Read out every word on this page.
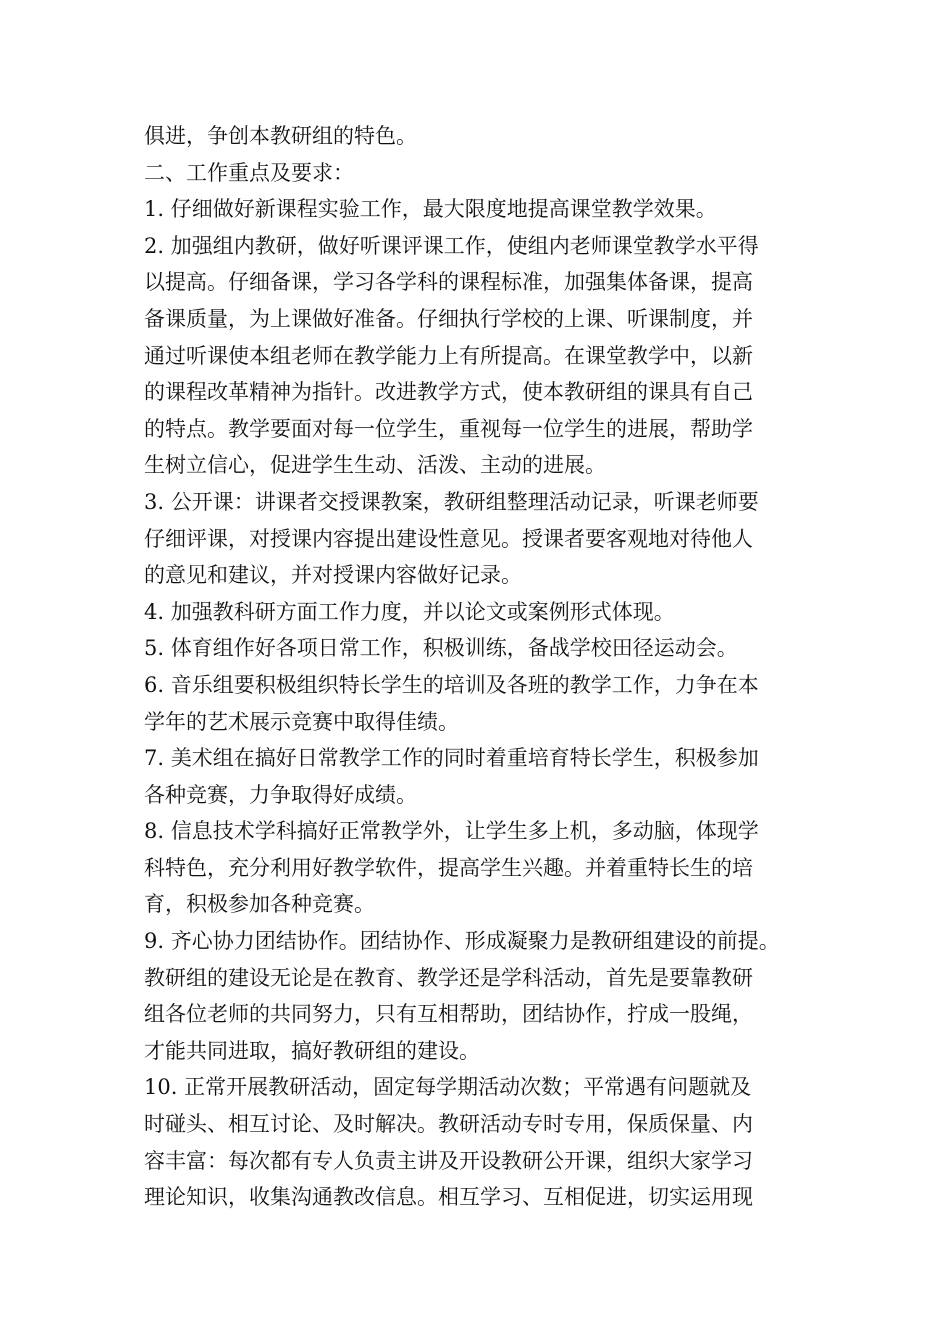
俱进，争创本教研组的特色。
二、工作重点及要求：
1. 仔细做好新课程实验工作，最大限度地提高课堂教学效果。
2. 加强组内教研，做好听课评课工作，使组内老师课堂教学水平得
以提高。仔细备课，学习各学科的课程标准，加强集体备课，提高
备课质量，为上课做好准备。仔细执行学校的上课、听课制度，并
通过听课使本组老师在教学能力上有所提高。在课堂教学中，以新
的课程改革精神为指针。改进教学方式，使本教研组的课具有自己
的特点。教学要面对每一位学生，重视每一位学生的进展，帮助学
生树立信心，促进学生生动、活泼、主动的进展。
3. 公开课：讲课者交授课教案，教研组整理活动记录，听课老师要
仔细评课，对授课内容提出建设性意见。授课者要客观地对待他人
的意见和建议，并对授课内容做好记录。
4. 加强教科研方面工作力度，并以论文或案例形式体现。
5. 体育组作好各项日常工作，积极训练，备战学校田径运动会。
6. 音乐组要积极组织特长学生的培训及各班的教学工作，力争在本
学年的艺术展示竞赛中取得佳绩。
7. 美术组在搞好日常教学工作的同时着重培育特长学生，积极参加
各种竞赛，力争取得好成绩。
8. 信息技术学科搞好正常教学外，让学生多上机，多动脑，体现学
科特色，充分利用好教学软件，提高学生兴趣。并着重特长生的培
育，积极参加各种竞赛。
9. 齐心协力团结协作。团结协作、形成凝聚力是教研组建设的前提。
教研组的建设无论是在教育、教学还是学科活动，首先是要靠教研
组各位老师的共同努力，只有互相帮助，团结协作，拧成一股绳，
才能共同进取，搞好教研组的建设。
10. 正常开展教研活动，固定每学期活动次数；平常遇有问题就及
时碰头、相互讨论、及时解决。教研活动专时专用，保质保量、内
容丰富：每次都有专人负责主讲及开设教研公开课，组织大家学习
理论知识，收集沟通教改信息。相互学习、互相促进，切实运用现
